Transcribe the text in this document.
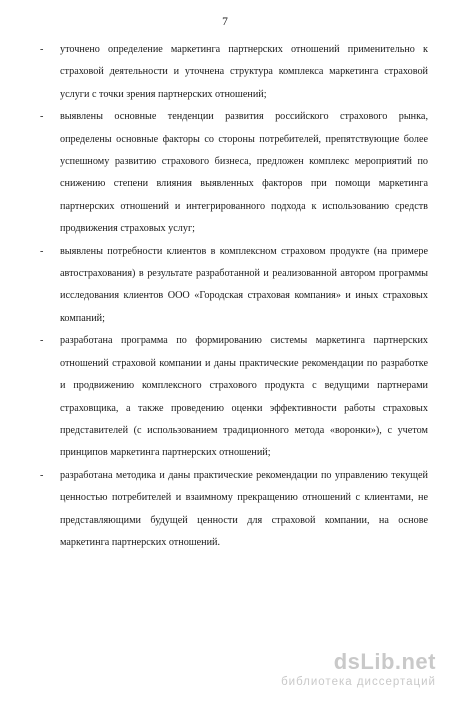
7
-	уточнено определение маркетинга партнерских отношений применительно к страховой деятельности и уточнена структура комплекса маркетинга страховой услуги с точки зрения партнерских отношений;
-	выявлены основные тенденции развития российского страхового рынка, определены основные факторы со стороны потребителей, препятствующие более успешному развитию страхового бизнеса, предложен комплекс мероприятий по снижению степени влияния выявленных факторов при помощи маркетинга партнерских отношений и интегрированного подхода к использованию средств продвижения страховых услуг;
-	выявлены потребности клиентов в комплексном страховом продукте (на примере автострахования) в результате разработанной и реализованной автором программы исследования клиентов ООО «Городская страховая компания» и иных страховых компаний;
-	разработана программа по формированию системы маркетинга партнерских отношений страховой компании и даны практические рекомендации по разработке и продвижению комплексного страхового продукта с ведущими партнерами страховщика, а также проведению оценки эффективности работы страховых представителей (с использованием традиционного метода «воронки»), с учетом принципов маркетинга партнерских отношений;
-	разработана методика и даны практические рекомендации по управлению текущей ценностью потребителей и взаимному прекращению отношений с клиентами, не представляющими будущей ценности для страховой компании, на основе маркетинга партнерских отношений.
dsLib.net
библиотека диссертаций
